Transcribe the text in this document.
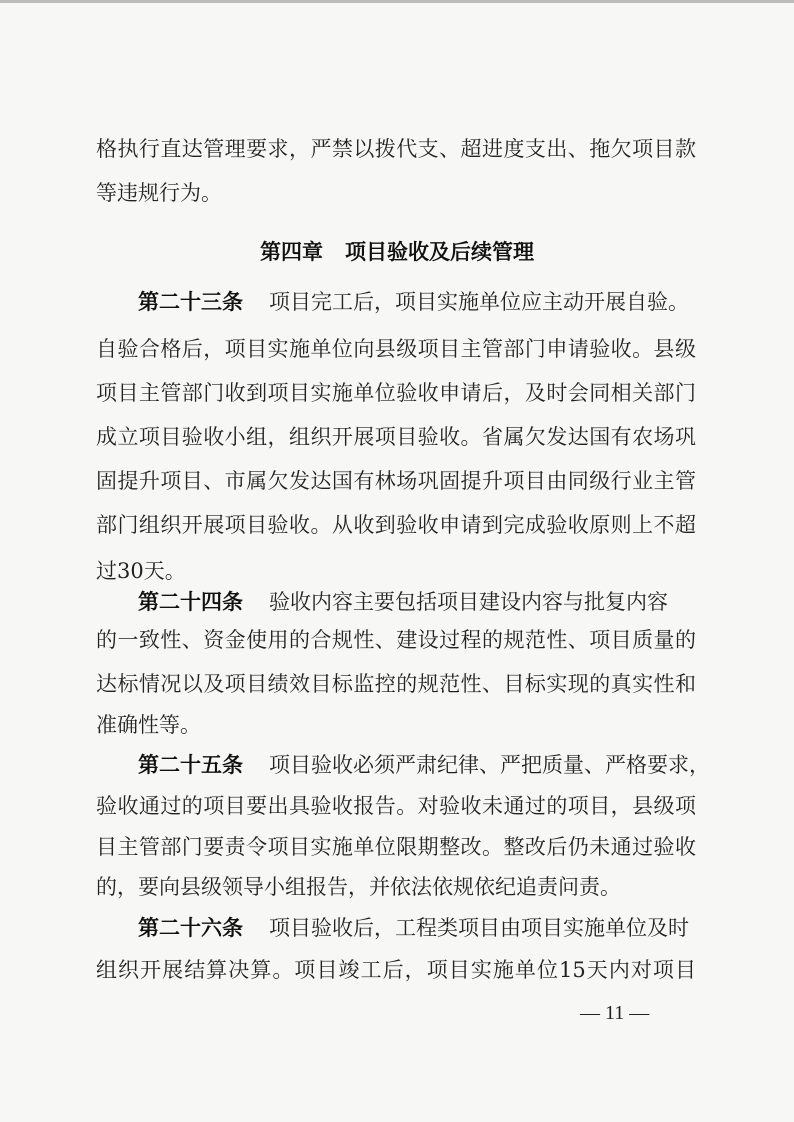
格执行直达管理要求，严禁以拨代支、超进度支出、拖欠项目款
等违规行为。
第四章 项目验收及后续管理
第二十三条 项目完工后，项目实施单位应主动开展自验。
自验合格后，项目实施单位向县级项目主管部门申请验收。县级
项目主管部门收到项目实施单位验收申请后，及时会同相关部门
成立项目验收小组，组织开展项目验收。省属欠发达国有农场巩
固提升项目、市属欠发达国有林场巩固提升项目由同级行业主管
部门组织开展项目验收。从收到验收申请到完成验收原则上不超
过30天。
第二十四条 验收内容主要包括项目建设内容与批复内容
的一致性、资金使用的合规性、建设过程的规范性、项目质量的
达标情况以及项目绩效目标监控的规范性、目标实现的真实性和
准确性等。
第二十五条 项目验收必须严肃纪律、严把质量、严格要求，
验收通过的项目要出具验收报告。对验收未通过的项目，县级项
目主管部门要责令项目实施单位限期整改。整改后仍未通过验收
的，要向县级领导小组报告，并依法依规依纪追责问责。
第二十六条 项目验收后，工程类项目由项目实施单位及时
组织开展结算决算。项目竣工后，项目实施单位15天内对项目
— 11 —
